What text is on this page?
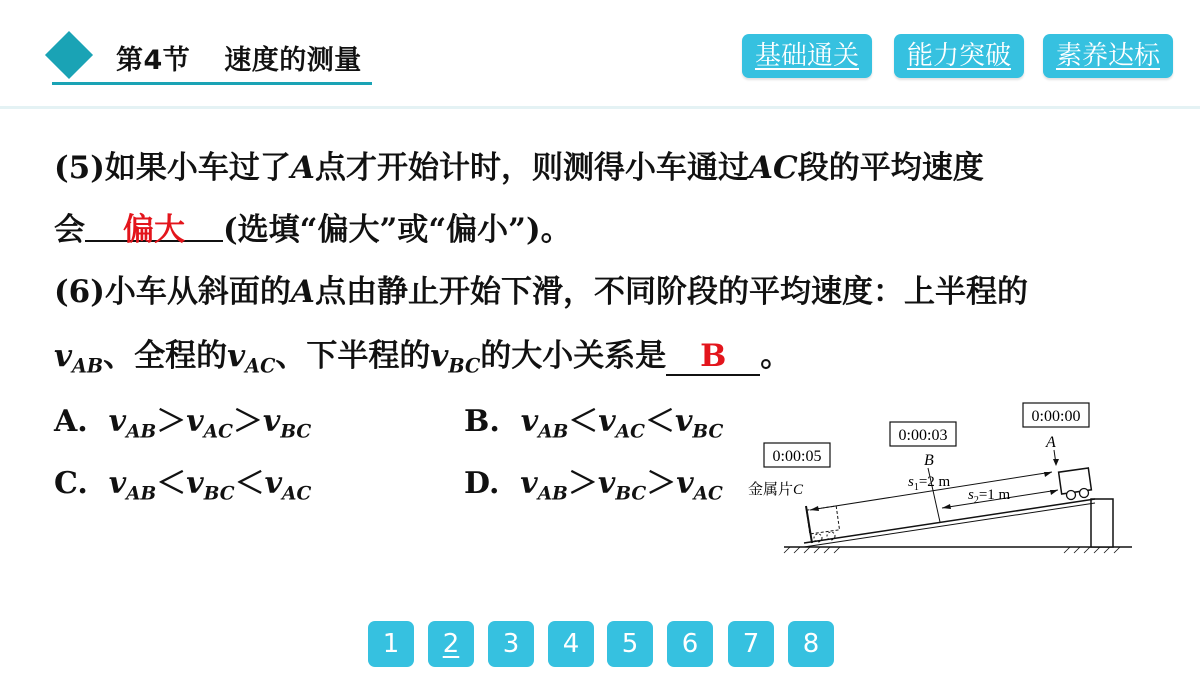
第4节 速度的测量	基础通关	能力突破	素养达标
(5)如果小车过了A点才开始计时，则测得小车通过AC段的平均速度
会 偏大 (选填“偏大”或“偏小”)。
(6)小车从斜面的A点由静止开始下滑，不同阶段的平均速度：上半程的
$v_{AB}$、全程的$v_{AC}$、下半程的$v_{BC}$的大小关系是 B 。
A. $v_{AB}>v_{AC}>v_{BC}$	B. $v_{AB}<v_{AC}<v_{BC}$
C. $v_{AB}<v_{BC}<v_{AC}$	D. $v_{AB}>v_{BC}>v_{AC}$
0:00:05
0:00:03
0:00:00
A
B
金属片C	$s_1=2$ m
$s_2=1$ m
1	2	3	4	5	6	7	8
